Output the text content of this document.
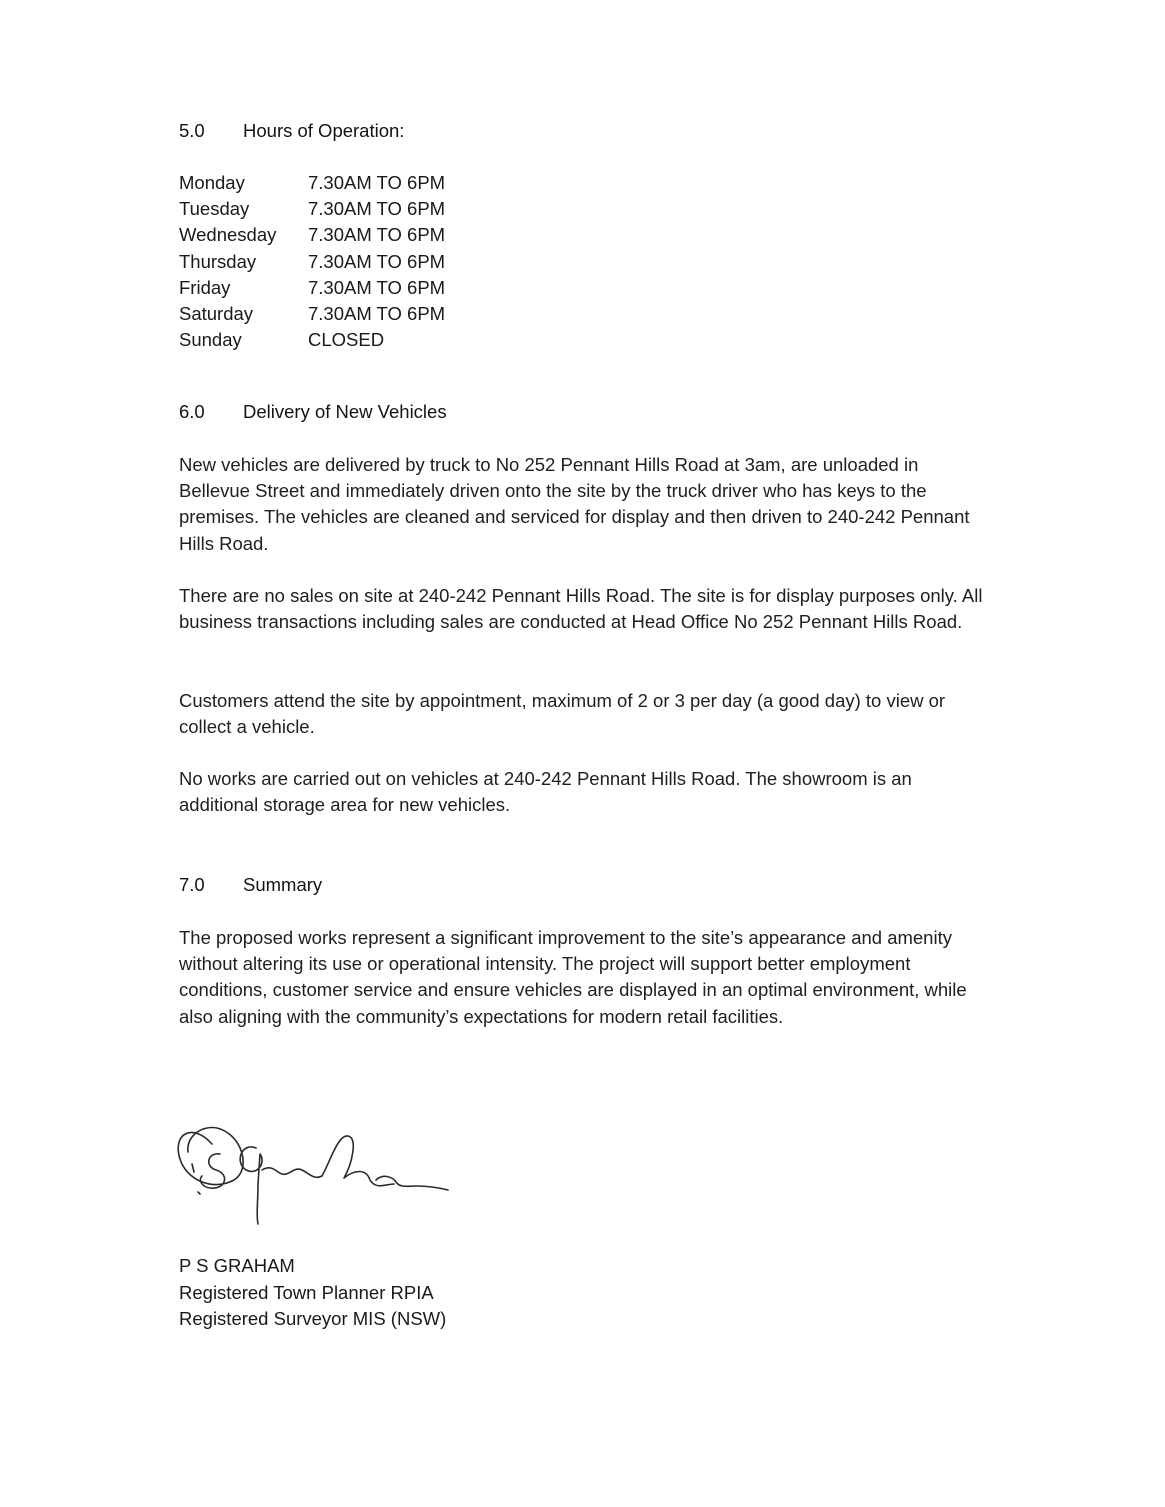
5.0 Hours of Operation:
Monday	7.30AM TO 6PM
Tuesday	7.30AM TO 6PM
Wednesday	7.30AM TO 6PM
Thursday	7.30AM TO 6PM
Friday	7.30AM TO 6PM
Saturday	7.30AM TO 6PM
Sunday	CLOSED
6.0 Delivery of New Vehicles

New vehicles are delivered by truck to No 252 Pennant Hills Road at 3am, are unloaded in Bellevue Street and immediately driven onto the site by the truck driver who has keys to the premises. The vehicles are cleaned and serviced for display and then driven to 240-242 Pennant Hills Road.

There are no sales on site at 240-242 Pennant Hills Road. The site is for display purposes only. All business transactions including sales are conducted at Head Office No 252 Pennant Hills Road.

Customers attend the site by appointment, maximum of 2 or 3 per day (a good day) to view or collect a vehicle.

No works are carried out on vehicles at 240-242 Pennant Hills Road. The showroom is an additional storage area for new vehicles.

7.0 Summary

The proposed works represent a significant improvement to the site’s appearance and amenity without altering its use or operational intensity. The project will support better employment conditions, customer service and ensure vehicles are displayed in an optimal environment, while also aligning with the community’s expectations for modern retail facilities.

P S GRAHAM
Registered Town Planner RPIA
Registered Surveyor MIS (NSW)
